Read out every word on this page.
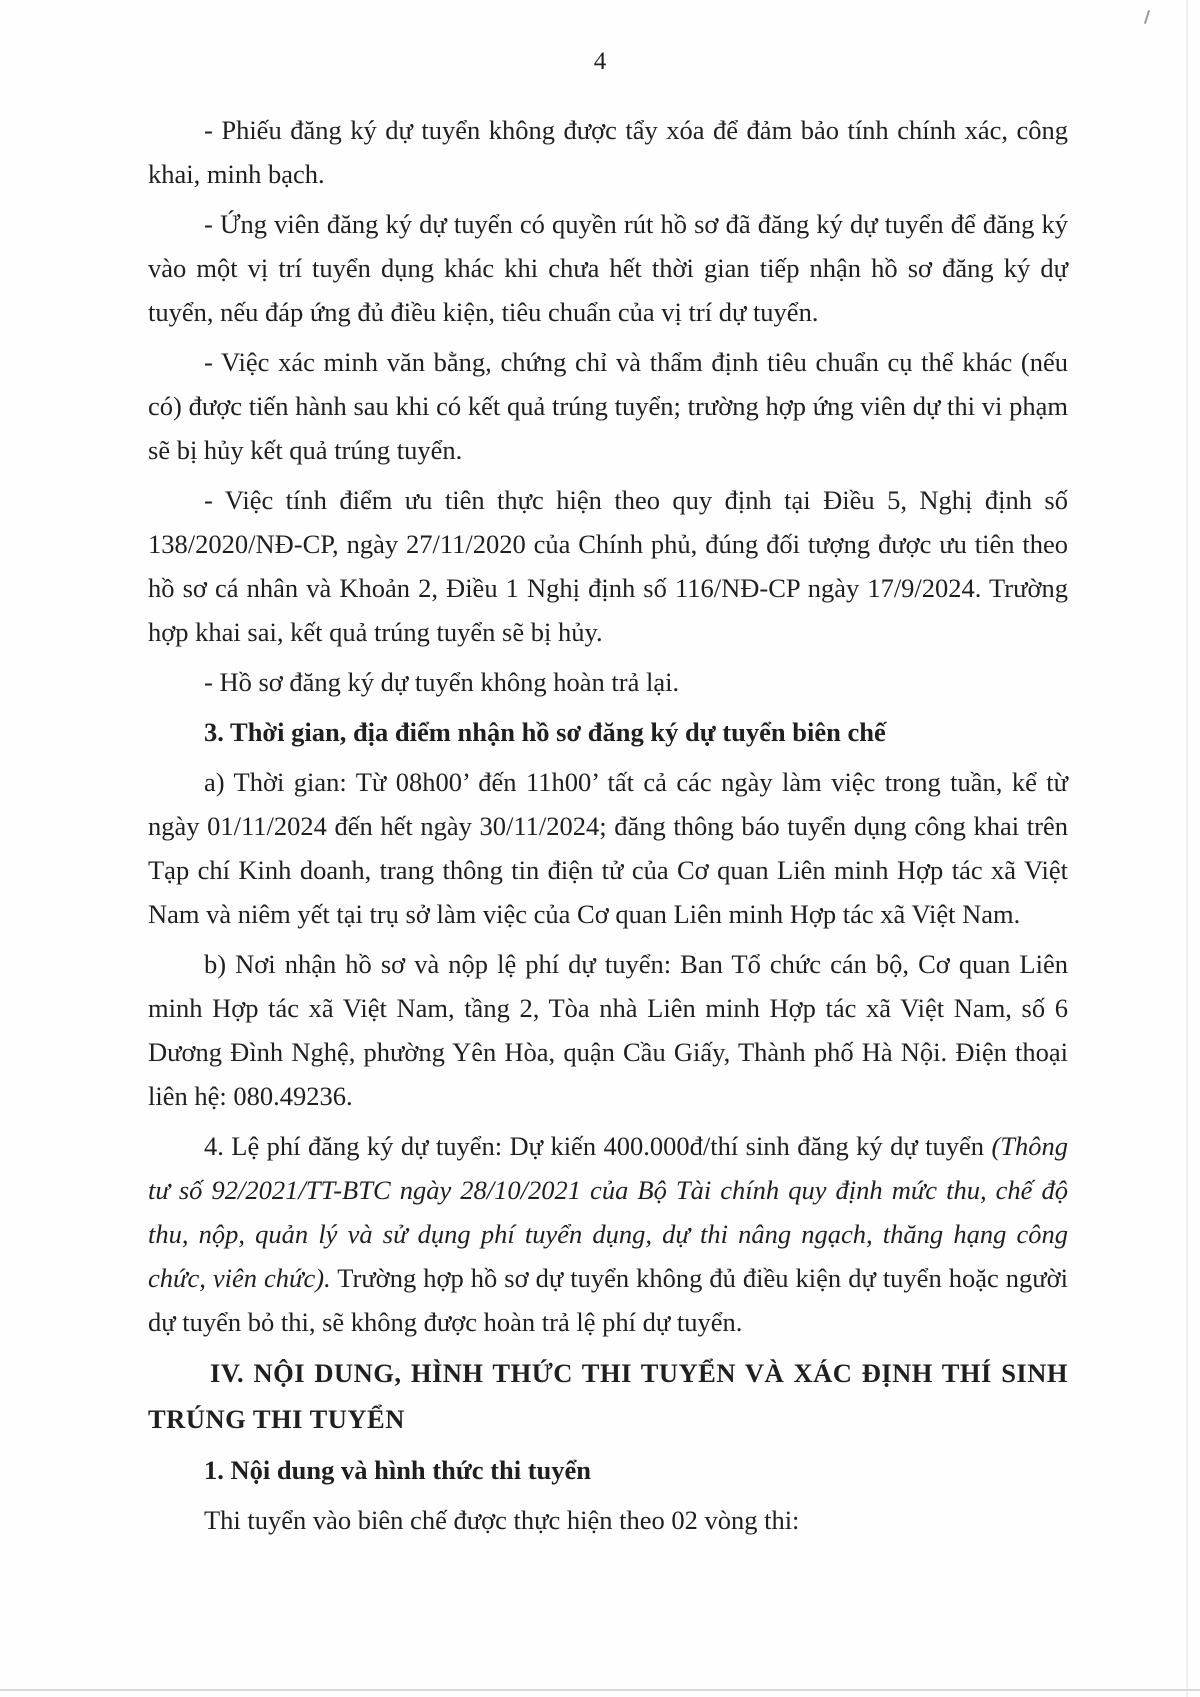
4

- Phiếu đăng ký dự tuyển không được tẩy xóa để đảm bảo tính chính xác, công khai, minh bạch.

- Ứng viên đăng ký dự tuyển có quyền rút hồ sơ đã đăng ký dự tuyển để đăng ký vào một vị trí tuyển dụng khác khi chưa hết thời gian tiếp nhận hồ sơ đăng ký dự tuyển, nếu đáp ứng đủ điều kiện, tiêu chuẩn của vị trí dự tuyển.

- Việc xác minh văn bằng, chứng chỉ và thẩm định tiêu chuẩn cụ thể khác (nếu có) được tiến hành sau khi có kết quả trúng tuyển; trường hợp ứng viên dự thi vi phạm sẽ bị hủy kết quả trúng tuyển.

- Việc tính điểm ưu tiên thực hiện theo quy định tại Điều 5, Nghị định số 138/2020/NĐ-CP, ngày 27/11/2020 của Chính phủ, đúng đối tượng được ưu tiên theo hồ sơ cá nhân và Khoản 2, Điều 1 Nghị định số 116/NĐ-CP ngày 17/9/2024. Trường hợp khai sai, kết quả trúng tuyển sẽ bị hủy.

- Hồ sơ đăng ký dự tuyển không hoàn trả lại.

3. Thời gian, địa điểm nhận hồ sơ đăng ký dự tuyển biên chế

a) Thời gian: Từ 08h00’ đến 11h00’ tất cả các ngày làm việc trong tuần, kể từ ngày 01/11/2024 đến hết ngày 30/11/2024; đăng thông báo tuyển dụng công khai trên Tạp chí Kinh doanh, trang thông tin điện tử của Cơ quan Liên minh Hợp tác xã Việt Nam và niêm yết tại trụ sở làm việc của Cơ quan Liên minh Hợp tác xã Việt Nam.

b) Nơi nhận hồ sơ và nộp lệ phí dự tuyển: Ban Tổ chức cán bộ, Cơ quan Liên minh Hợp tác xã Việt Nam, tầng 2, Tòa nhà Liên minh Hợp tác xã Việt Nam, số 6 Dương Đình Nghệ, phường Yên Hòa, quận Cầu Giấy, Thành phố Hà Nội. Điện thoại liên hệ: 080.49236.

4. Lệ phí đăng ký dự tuyển: Dự kiến 400.000đ/thí sinh đăng ký dự tuyển (Thông tư số 92/2021/TT-BTC ngày 28/10/2021 của Bộ Tài chính quy định mức thu, chế độ thu, nộp, quản lý và sử dụng phí tuyển dụng, dự thi nâng ngạch, thăng hạng công chức, viên chức). Trường hợp hồ sơ dự tuyển không đủ điều kiện dự tuyển hoặc người dự tuyển bỏ thi, sẽ không được hoàn trả lệ phí dự tuyển.

IV. NỘI DUNG, HÌNH THỨC THI TUYỂN VÀ XÁC ĐỊNH THÍ SINH TRÚNG THI TUYỂN

1. Nội dung và hình thức thi tuyển

Thi tuyển vào biên chế được thực hiện theo 02 vòng thi:
